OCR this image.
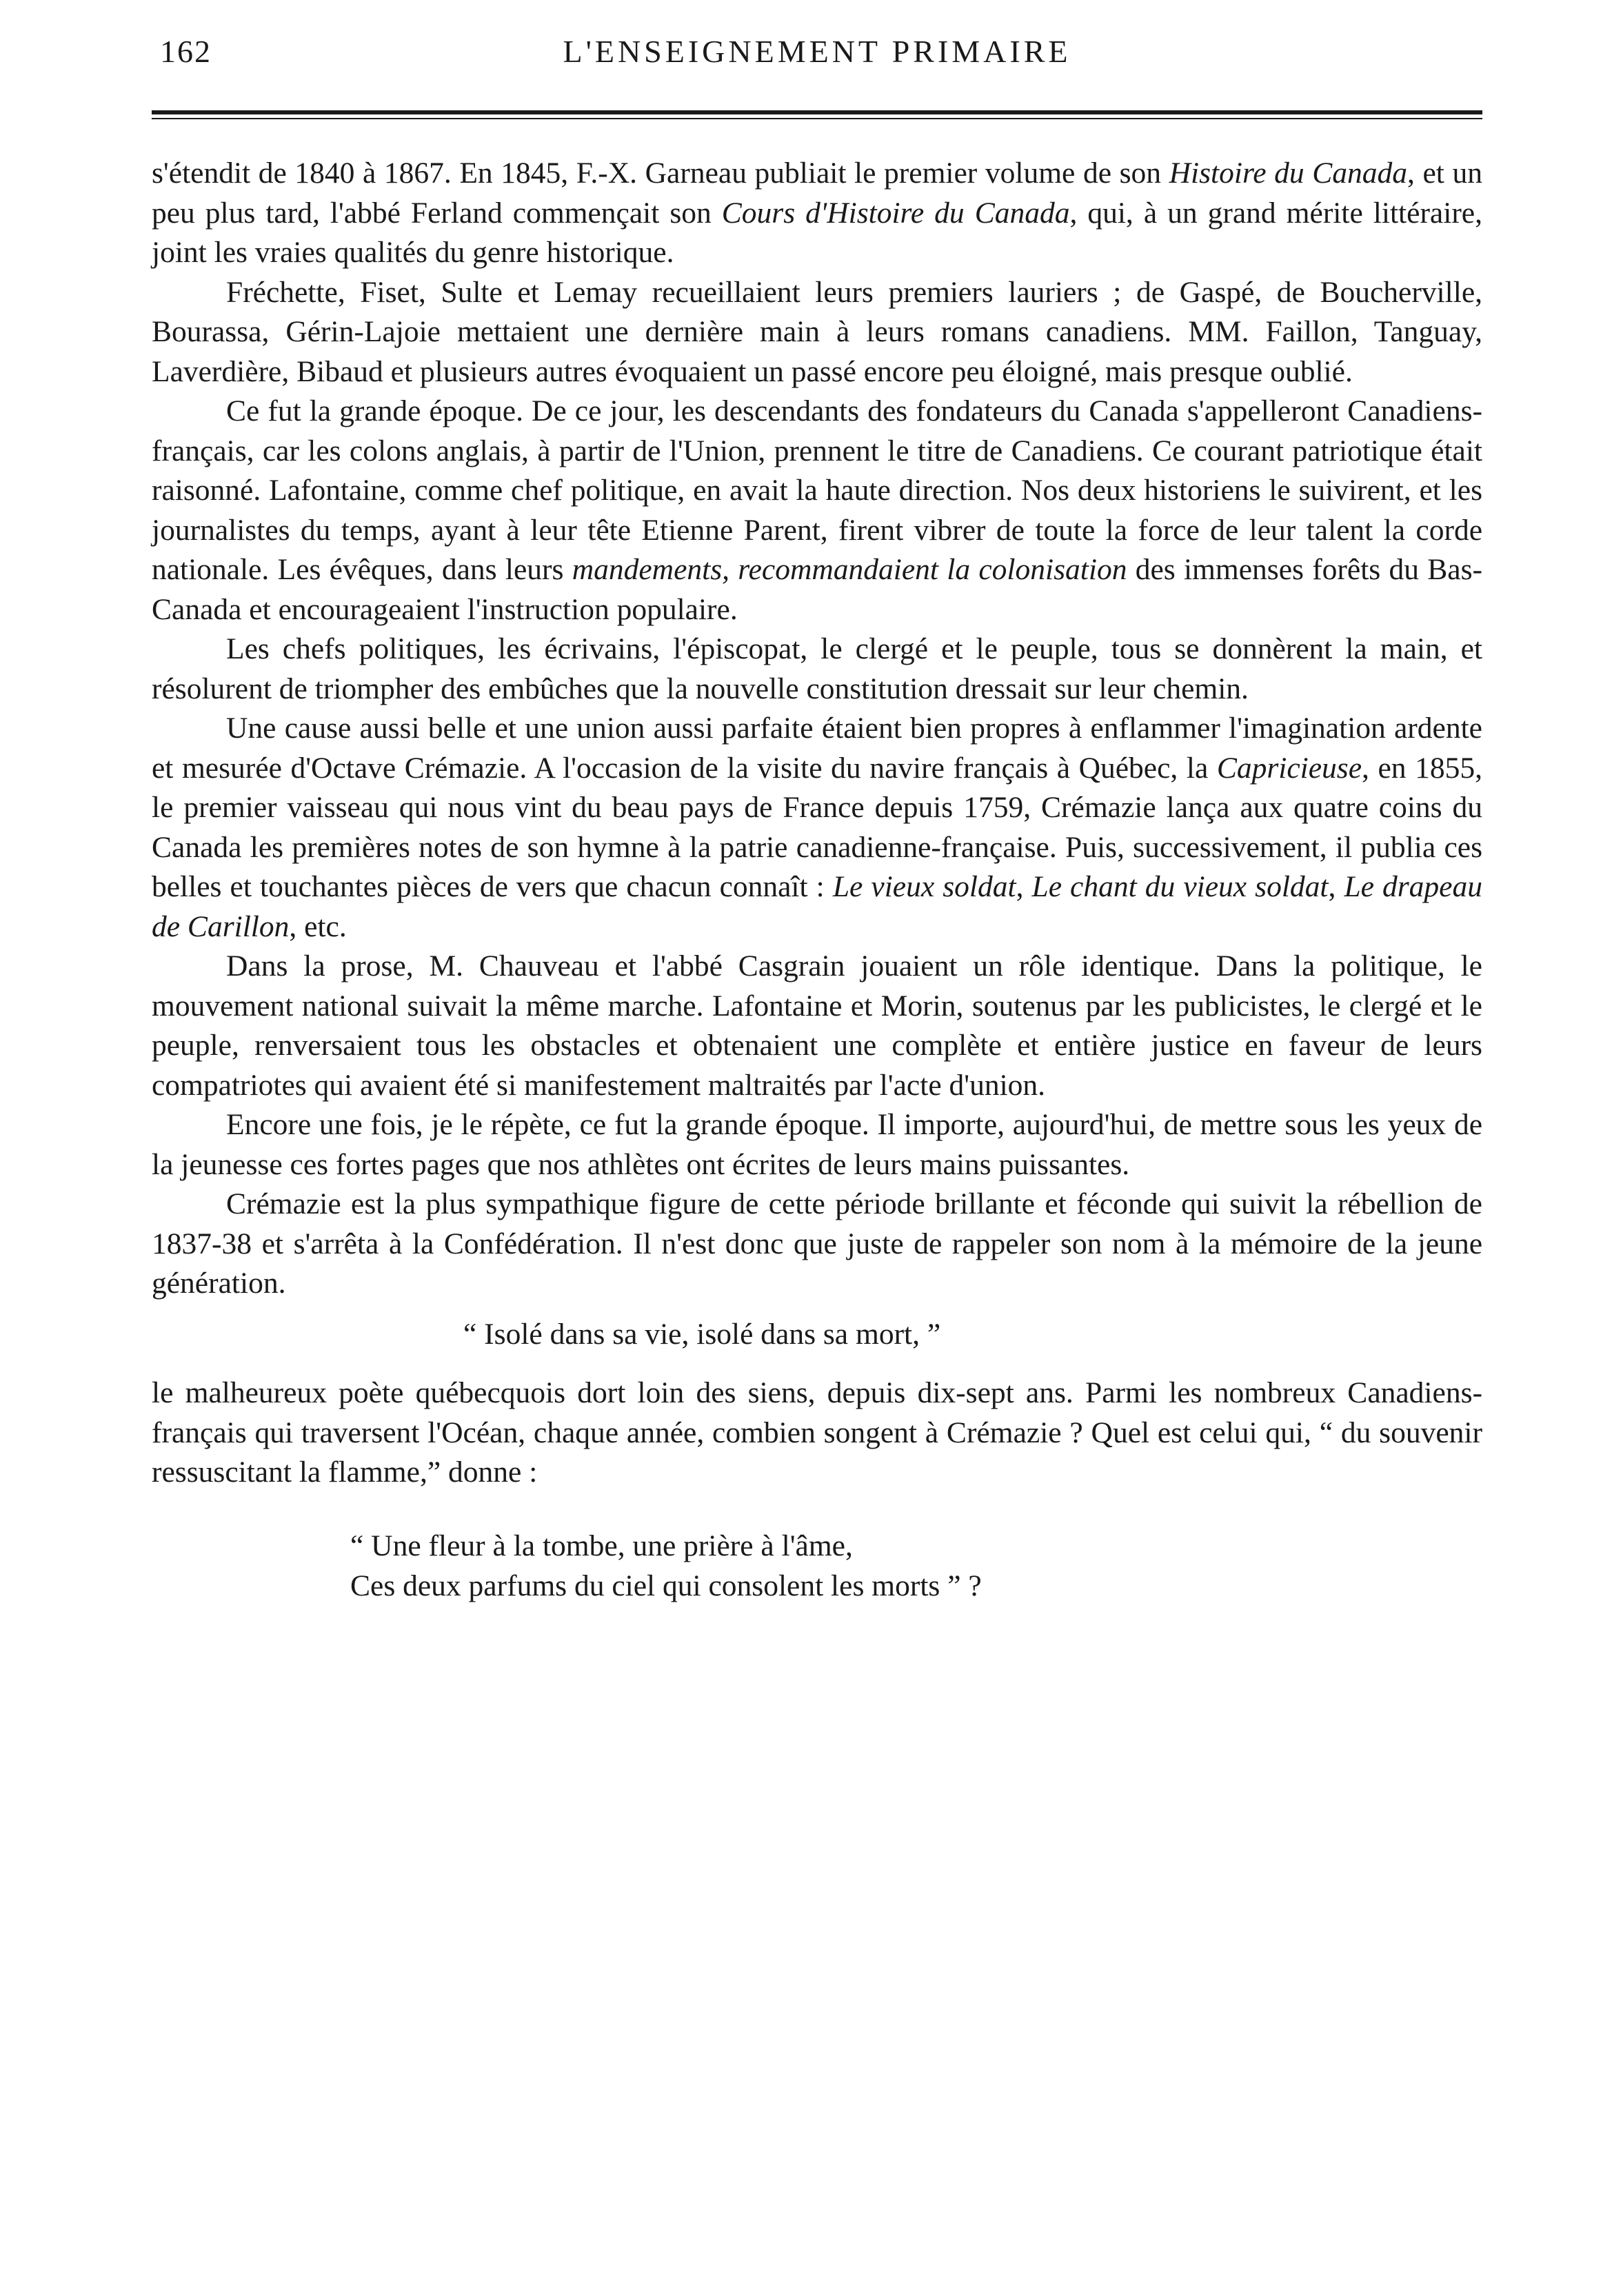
162	L'ENSEIGNEMENT PRIMAIRE

s'étendit de 1840 à 1867. En 1845, F.-X. Garneau publiait le premier volume de son Histoire du Canada, et un peu plus tard, l'abbé Ferland commençait son Cours d'Histoire du Canada, qui, à un grand mérite littéraire, joint les vraies qualités du genre historique.

Fréchette, Fiset, Sulte et Lemay recueillaient leurs premiers lauriers ; de Gaspé, de Boucherville, Bourassa, Gérin-Lajoie mettaient une dernière main à leurs romans canadiens. MM. Faillon, Tanguay, Laverdière, Bibaud et plusieurs autres évoquaient un passé encore peu éloigné, mais presque oublié.

Ce fut la grande époque. De ce jour, les descendants des fondateurs du Canada s'appelleront Canadiens-français, car les colons anglais, à partir de l'Union, prennent le titre de Canadiens. Ce courant patriotique était raisonné. Lafontaine, comme chef politique, en avait la haute direction. Nos deux historiens le suivirent, et les journalistes du temps, ayant à leur tête Etienne Parent, firent vibrer de toute la force de leur talent la corde nationale. Les évêques, dans leurs mandements, recommandaient la colonisation des immenses forêts du Bas-Canada et encourageaient l'instruction populaire.

Les chefs politiques, les écrivains, l'épiscopat, le clergé et le peuple, tous se donnèrent la main, et résolurent de triompher des embûches que la nouvelle constitution dressait sur leur chemin.

Une cause aussi belle et une union aussi parfaite étaient bien propres à enflammer l'imagination ardente et mesurée d'Octave Crémazie. A l'occasion de la visite du navire français à Québec, la Capricieuse, en 1855, le premier vaisseau qui nous vint du beau pays de France depuis 1759, Crémazie lança aux quatre coins du Canada les premières notes de son hymne à la patrie canadienne-française. Puis, successivement, il publia ces belles et touchantes pièces de vers que chacun connaît : Le vieux soldat, Le chant du vieux soldat, Le drapeau de Carillon, etc.

Dans la prose, M. Chauveau et l'abbé Casgrain jouaient un rôle identique. Dans la politique, le mouvement national suivait la même marche. Lafontaine et Morin, soutenus par les publicistes, le clergé et le peuple, renversaient tous les obstacles et obtenaient une complète et entière justice en faveur de leurs compatriotes qui avaient été si manifestement maltraités par l'acte d'union.

Encore une fois, je le répète, ce fut la grande époque. Il importe, aujourd'hui, de mettre sous les yeux de la jeunesse ces fortes pages que nos athlètes ont écrites de leurs mains puissantes.

Crémazie est la plus sympathique figure de cette période brillante et féconde qui suivit la rébellion de 1837-38 et s'arrêta à la Confédération. Il n'est donc que juste de rappeler son nom à la mémoire de la jeune génération.

“ Isolé dans sa vie, isolé dans sa mort, ”

le malheureux poète québecquois dort loin des siens, depuis dix-sept ans. Parmi les nombreux Canadiens-français qui traversent l'Océan, chaque année, combien songent à Crémazie ? Quel est celui qui, “ du souvenir ressuscitant la flamme,” donne :

“ Une fleur à la tombe, une prière à l'âme,
Ces deux parfums du ciel qui consolent les morts ” ?
